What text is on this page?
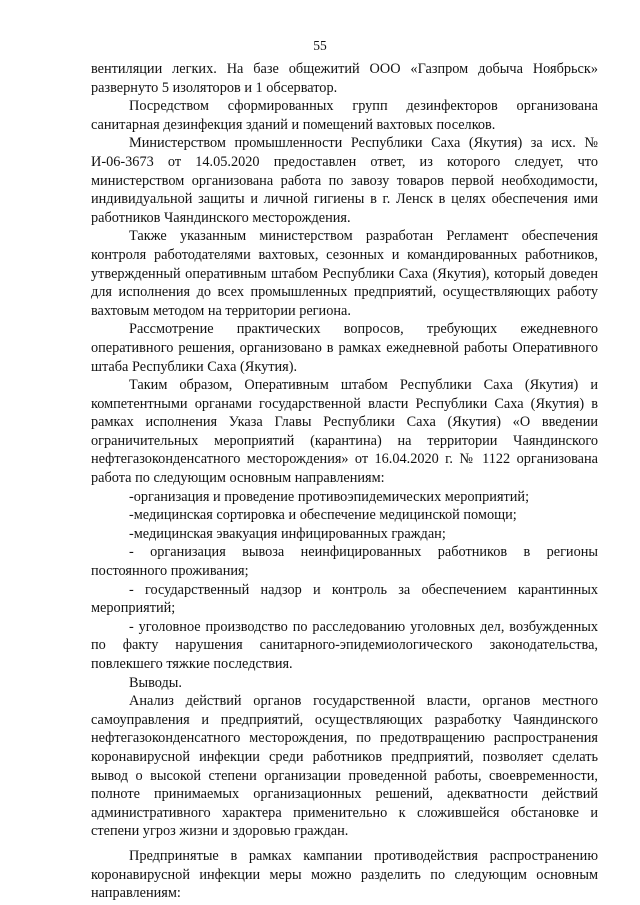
55

вентиляции легких. На базе общежитий ООО «Газпром добыча Ноябрьск» развернуто 5 изоляторов и 1 обсерватор.

Посредством сформированных групп дезинфекторов организована санитарная дезинфекция зданий и помещений вахтовых поселков.

Министерством промышленности Республики Саха (Якутия) за исх. № И-06-3673 от 14.05.2020 предоставлен ответ, из которого следует, что министерством организована работа по завозу товаров первой необходимости, индивидуальной защиты и личной гигиены в г. Ленск в целях обеспечения ими работников Чаяндинского месторождения.

Также указанным министерством разработан Регламент обеспечения контроля работодателями вахтовых, сезонных и командированных работников, утвержденный оперативным штабом Республики Саха (Якутия), который доведен для исполнения до всех промышленных предприятий, осуществляющих работу вахтовым методом на территории региона.

Рассмотрение практических вопросов, требующих ежедневного оперативного решения, организовано в рамках ежедневной работы Оперативного штаба Республики Саха (Якутия).

Таким образом, Оперативным штабом Республики Саха (Якутия) и компетентными органами государственной власти Республики Саха (Якутия) в рамках исполнения Указа Главы Республики Саха (Якутия) «О введении ограничительных мероприятий (карантина) на территории Чаяндинского нефтегазоконденсатного месторождения» от 16.04.2020 г. № 1122 организована работа по следующим основным направлениям:

-организация и проведение противоэпидемических мероприятий;

-медицинская сортировка и обеспечение медицинской помощи;

-медицинская эвакуация инфицированных граждан;

- организация вывоза неинфицированных работников в регионы постоянного проживания;

- государственный надзор и контроль за обеспечением карантинных мероприятий;

- уголовное производство по расследованию уголовных дел, возбужденных по факту нарушения санитарного-эпидемиологического законодательства, повлекшего тяжкие последствия.

Выводы.

Анализ действий органов государственной власти, органов местного самоуправления и предприятий, осуществляющих разработку Чаяндинского нефтегазоконденсатного месторождения, по предотвращению распространения коронавирусной инфекции среди работников предприятий, позволяет сделать вывод о высокой степени организации проведенной работы, своевременности, полноте принимаемых организационных решений, адекватности действий административного характера применительно к сложившейся обстановке и степени угроз жизни и здоровью граждан.

Предпринятые в рамках кампании противодействия распространению коронавирусной инфекции меры можно разделить по следующим основным направлениям:
